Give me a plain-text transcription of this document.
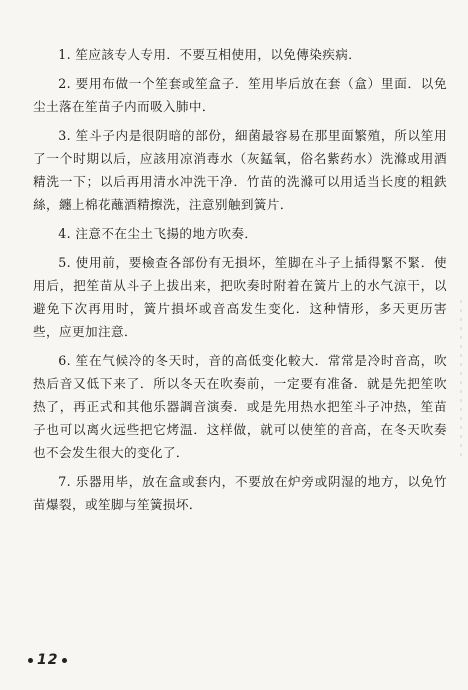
1. 笙应該专人专用．不要互相使用，以免傳染疾病．

2. 要用布做一个笙套或笙盒子．笙用毕后放在套（盒）里面．以免尘土落在笙苗子内而吸入肺中．

3. 笙斗子内是很阴暗的部份，細菌最容易在那里面繁殖，所以笙用了一个时期以后，应該用凉消毒水（灰錳氧，俗名紫药水）洗滌或用酒精洗一下；以后再用清水冲洗干净．竹苗的洗滌可以用适当长度的粗鉄絲，纏上棉花蘸酒精擦洗，注意别触到簧片．

4. 注意不在尘土飞揚的地方吹奏．

5. 使用前，要檢查各部份有无損坏，笙脚在斗子上插得緊不緊．使用后，把笙苗从斗子上拔出来，把吹奏时附着在簧片上的水气涼干，以避免下次再用时，簧片損坏或音高发生变化．这种情形，多天更历害些，应更加注意．

6. 笙在气候冷的冬天时，音的高低变化較大．常常是冷时音高，吹热后音又低下来了．所以冬天在吹奏前，一定要有准备．就是先把笙吹热了，再正式和其他乐器調音演奏．或是先用热水把笙斗子冲热，笙苗子也可以离火远些把它烤温．这样做，就可以使笙的音高，在冬天吹奏也不会发生很大的变化了．

7. 乐器用毕，放在盒或套内，不要放在炉旁或阴湿的地方，以免竹苗爆裂，或笙脚与笙簧损坏．

12
